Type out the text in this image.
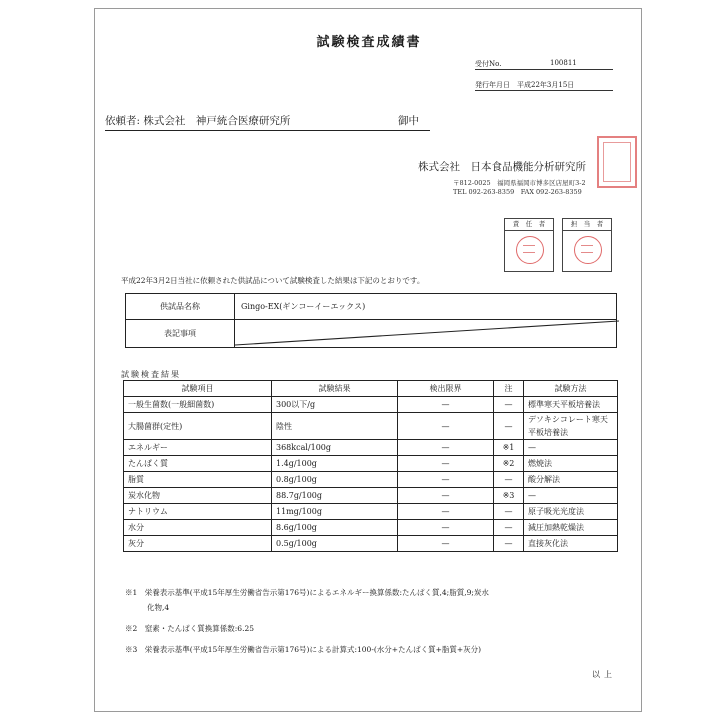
試験検査成績書
受付No.	100811
発行年月日　平成22年3月15日
依頼者: 株式会社　神戸統合医療研究所	御中
株式会社　日本食品機能分析研究所
〒812-0025　福岡県福岡市博多区店屋町3-2
TEL 092-263-8359　FAX 092-263-8359
責　任　者	担　当　者
平成22年3月2日当社に依頼された供試品について試験検査した結果は下記のとおりです。
供試品名称	Gingo-EX(ギンコーイーエックス)
表記事項	
試験検査結果
試験項目	試験結果	検出限界	注	試験方法
一般生菌数(一般細菌数)	300以下/g	—	—	標準寒天平板培養法
大腸菌群(定性)	陰性	—	—	デソキシコレート寒天平板培養法
エネルギー	368kcal/100g	—	※1	—
たんぱく質	1.4g/100g	—	※2	燃焼法
脂質	0.8g/100g	—	—	酸分解法
炭水化物	88.7g/100g	—	※3	—
ナトリウム	11mg/100g	—	—	原子吸光光度法
水分	8.6g/100g	—	—	減圧加熱乾燥法
灰分	0.5g/100g	—	—	直接灰化法
※1　栄養表示基準(平成15年厚生労働省告示第176号)によるエネルギー換算係数:たんぱく質,4;脂質,9;炭水
化物,4
※2　窒素・たんぱく質換算係数:6.25
※3　栄養表示基準(平成15年厚生労働省告示第176号)による計算式:100-(水分+たんぱく質+脂質+灰分)
以上
